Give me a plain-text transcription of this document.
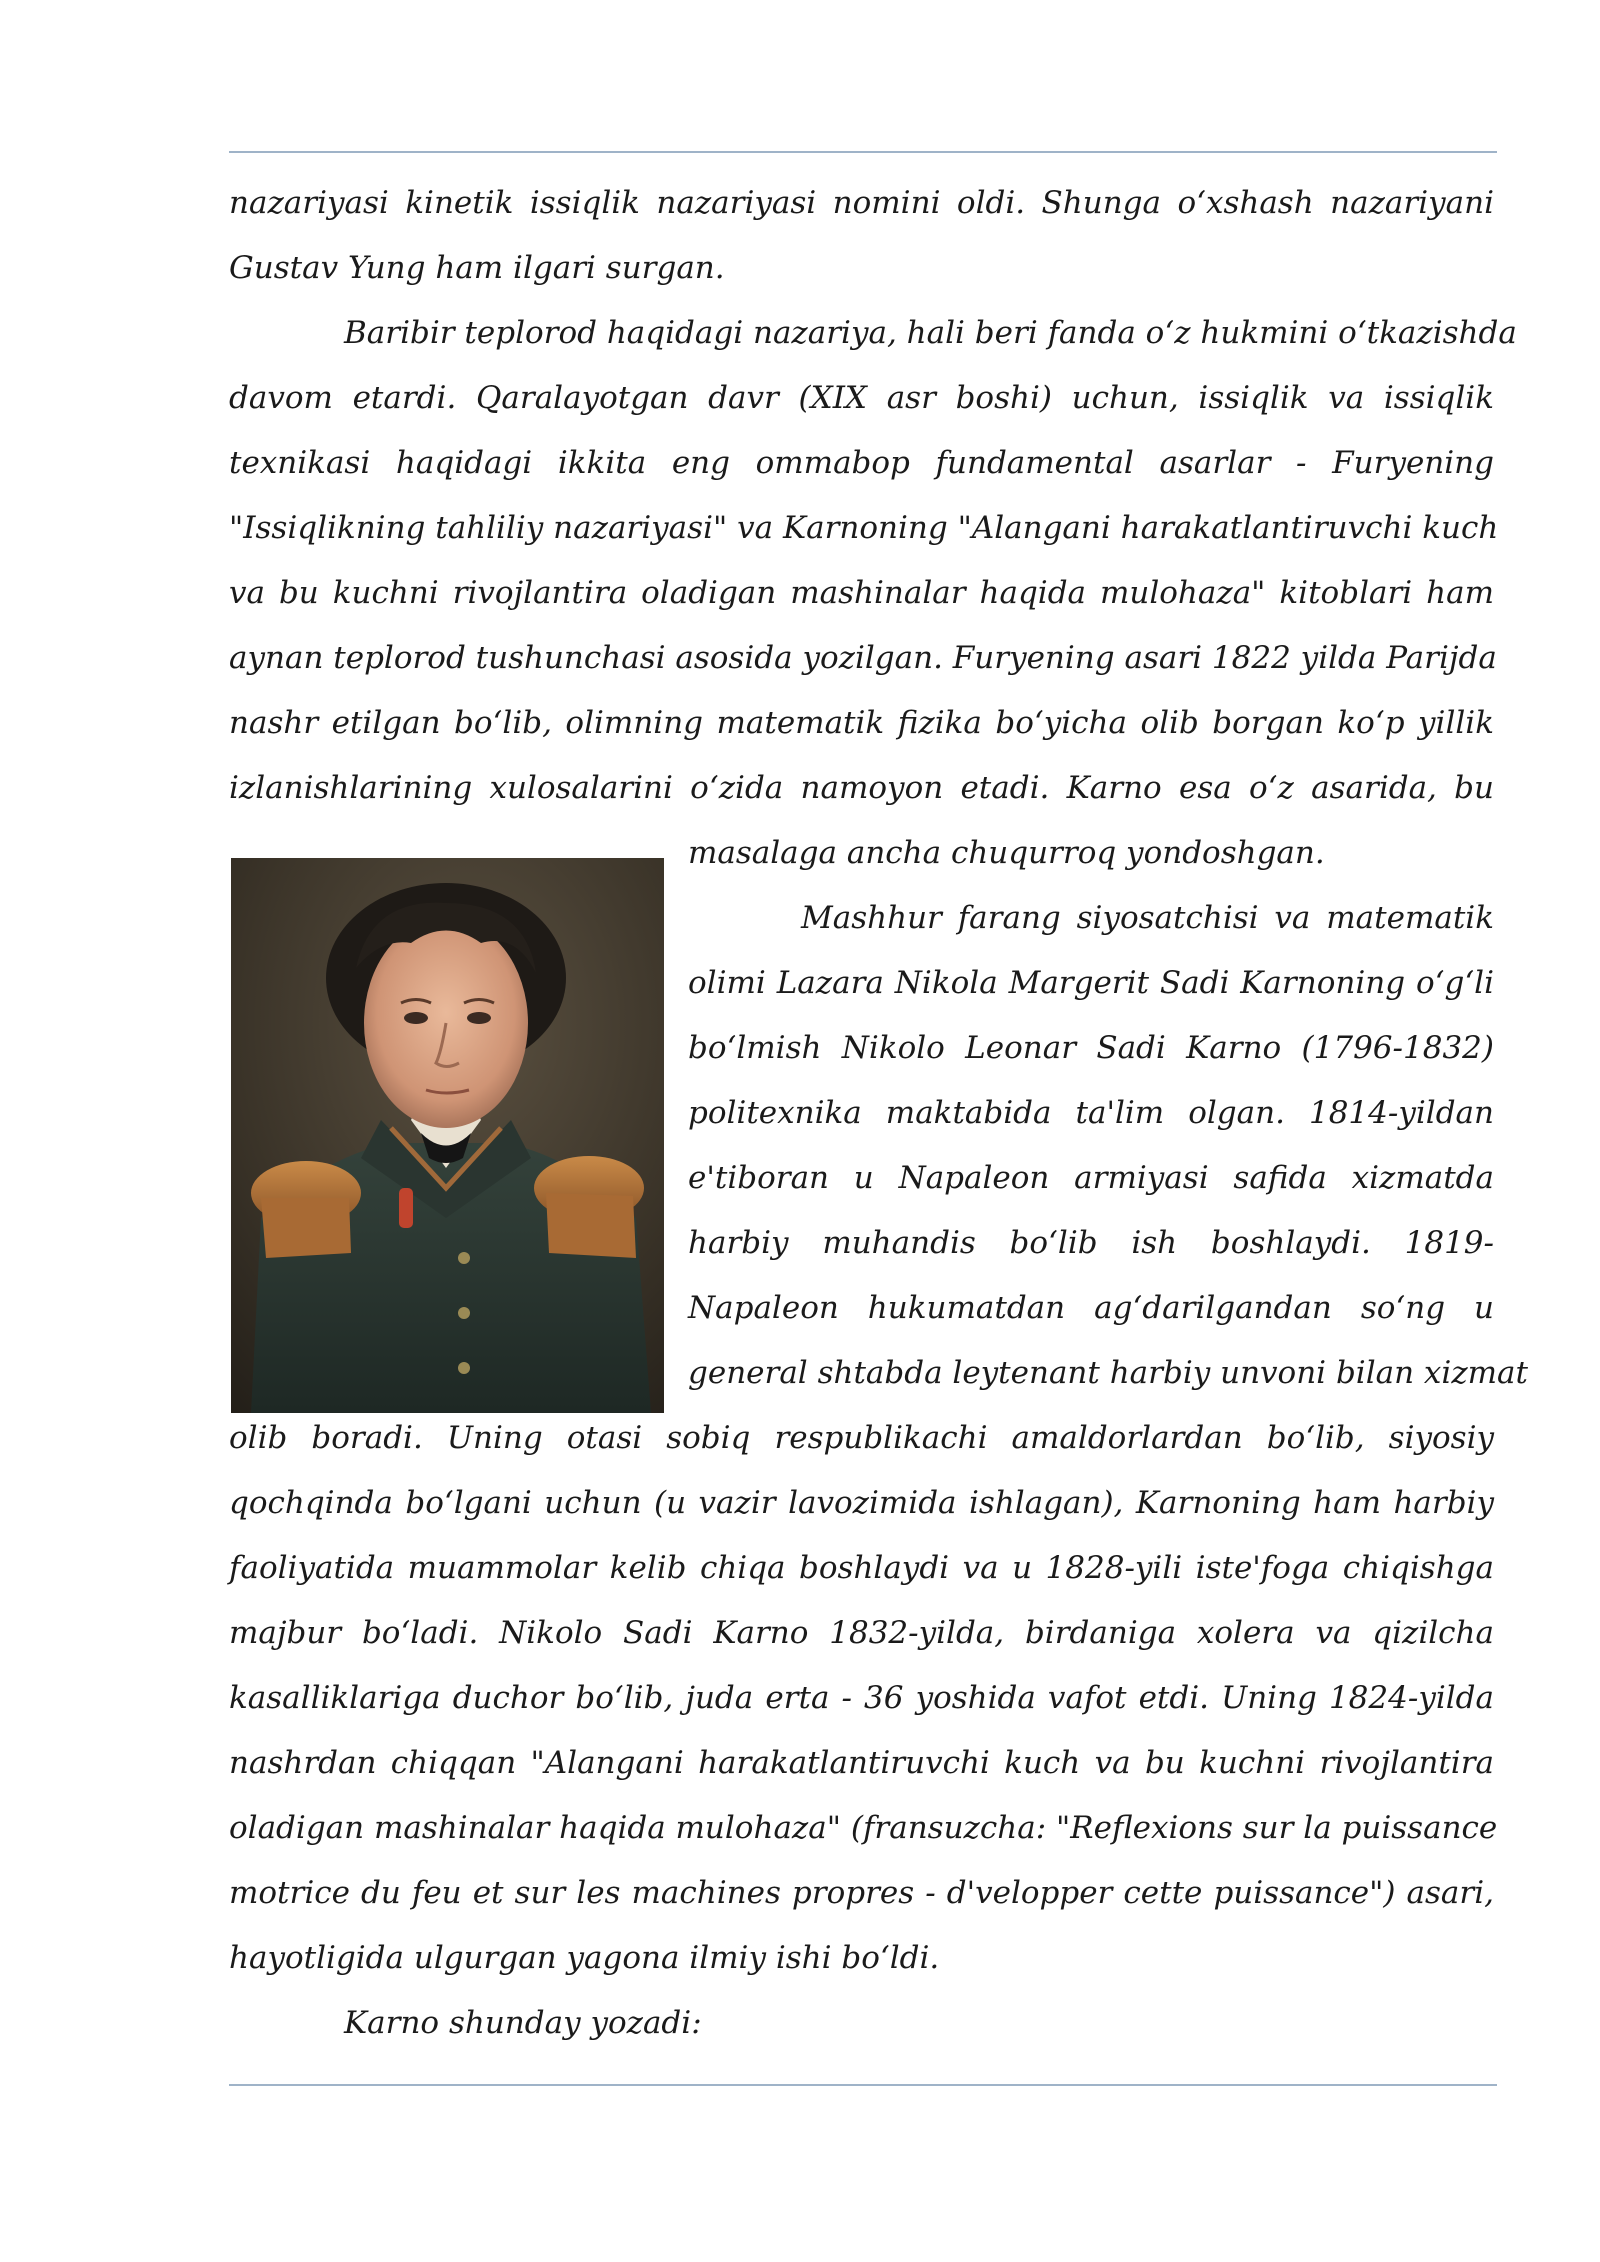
nazariyasi kinetik issiqlik nazariyasi nomini oldi. Shunga o‘xshash nazariyani
Gustav Yung ham ilgari surgan.
Baribir teplorod haqidagi nazariya, hali beri fanda o‘z hukmini o‘tkazishda
davom etardi. Qaralayotgan davr (XIX asr boshi) uchun, issiqlik va issiqlik
texnikasi haqidagi ikkita eng ommabop fundamental asarlar - Furyening
"Issiqlikning tahliliy nazariyasi" va Karnoning "Alangani harakatlantiruvchi kuch
va bu kuchni rivojlantira oladigan mashinalar haqida mulohaza" kitoblari ham
aynan teplorod tushunchasi asosida yozilgan. Furyening asari 1822 yilda Parijda
nashr etilgan bo‘lib, olimning matematik fizika bo‘yicha olib borgan ko‘p yillik
izlanishlarining xulosalarini o‘zida namoyon etadi. Karno esa o‘z asarida, bu
masalaga ancha chuqurroq yondoshgan.
Mashhur farang siyosatchisi va matematik
olimi Lazara Nikola Margerit Sadi Karnoning o‘g‘li
bo‘lmish Nikolo Leonar Sadi Karno (1796-1832)
politexnika maktabida ta'lim olgan. 1814-yildan
e'tiboran u Napaleon armiyasi safida xizmatda
harbiy muhandis bo‘lib ish boshlaydi. 1819-
Napaleon hukumatdan ag‘darilgandan so‘ng u
general shtabda leytenant harbiy unvoni bilan xizmat
olib boradi. Uning otasi sobiq respublikachi amaldorlardan bo‘lib, siyosiy
qochqinda bo‘lgani uchun (u vazir lavozimida ishlagan), Karnoning ham harbiy
faoliyatida muammolar kelib chiqa boshlaydi va u 1828-yili iste'foga chiqishga
majbur bo‘ladi. Nikolo Sadi Karno 1832-yilda, birdaniga xolera va qizilcha
kasalliklariga duchor bo‘lib, juda erta - 36 yoshida vafot etdi. Uning 1824-yilda
nashrdan chiqqan "Alangani harakatlantiruvchi kuch va bu kuchni rivojlantira
oladigan mashinalar haqida mulohaza" (fransuzcha: "Reflexions sur la puissance
motrice du feu et sur les machines propres - d'velopper cette puissance") asari,
hayotligida ulgurgan yagona ilmiy ishi bo‘ldi.
Karno shunday yozadi:
